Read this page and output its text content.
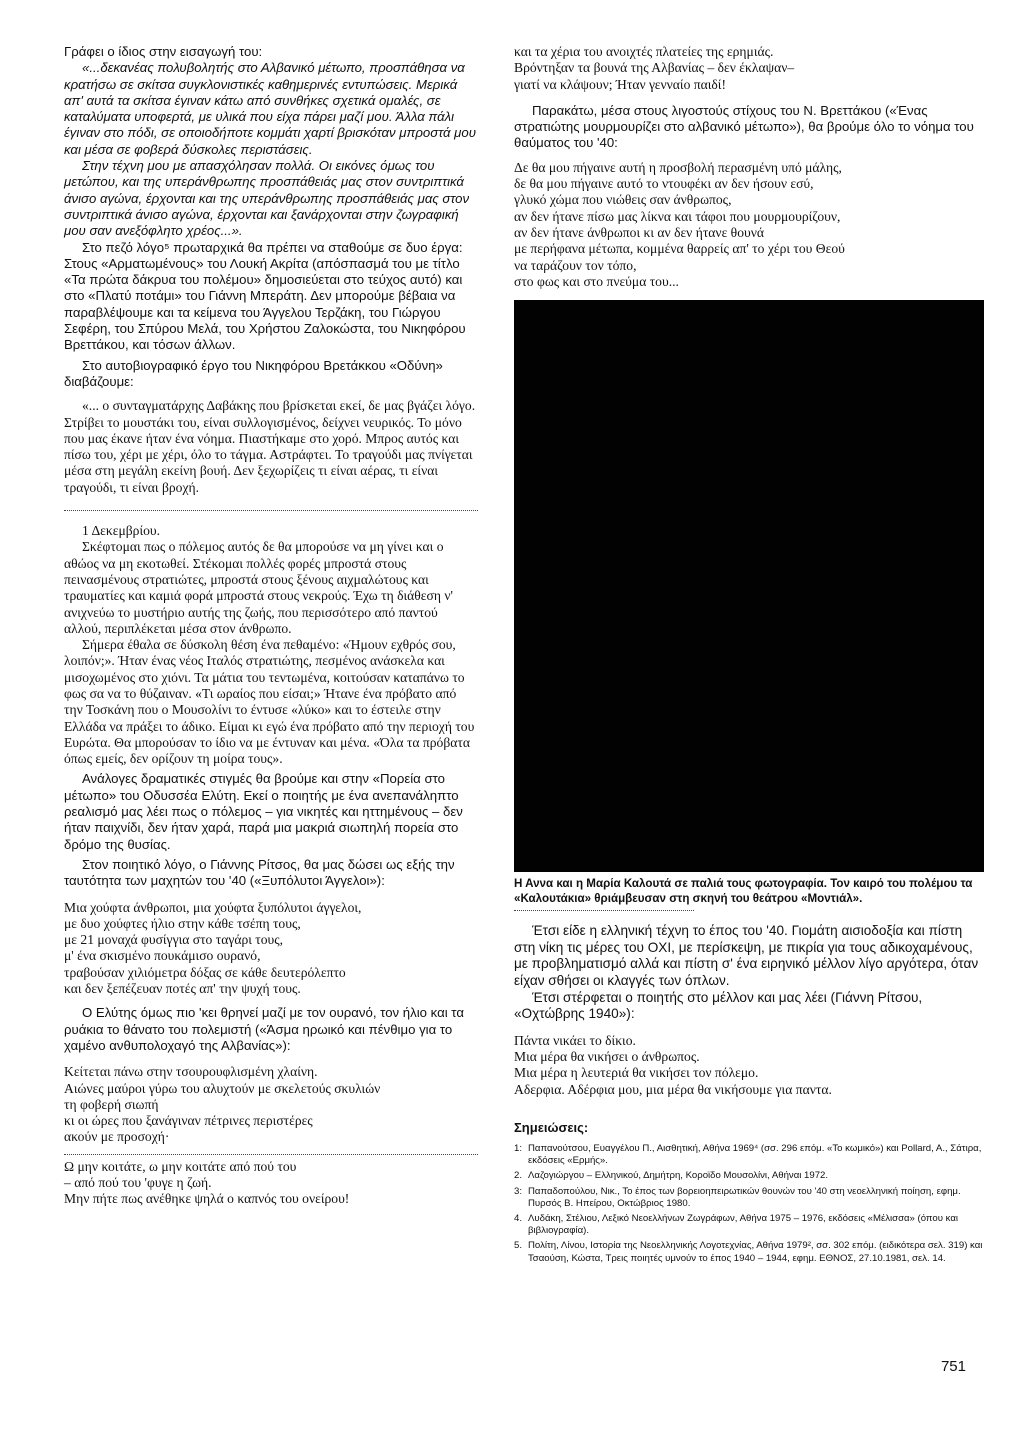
Γράφει ο ίδιος στην εισαγωγή του:

«...δεκανέας πολυβολητής στο Αλβανικό μέτωπο, προσπάθησα να κρατήσω σε σκίτσα συγκλονιστικές καθημερινές εντυπώσεις. Μερικά απ' αυτά τα σκίτσα έγιναν κάτω από συνθήκες σχετικά ομαλές, σε καταλύματα υποφερτά, με υλικά που είχα πάρει μαζί μου. Άλλα πάλι έγιναν στο πόδι, σε οποιοδήποτε κομμάτι χαρτί βρισκόταν μπροστά μου και μέσα σε φοβερά δύσκολες περιστάσεις.

Στην τέχνη μου με απασχόλησαν πολλά. Οι εικόνες όμως του μετώπου, και της υπεράνθρωπης προσπάθειάς μας στον συντριπτικά άνισο αγώνα, έρχονται και της υπεράνθρωπης προσπάθειάς μας στον συντριπτικά άνισο αγώνα, έρχονται και ξανάρχονται στην ζωγραφική μου σαν ανεξόφλητο χρέος...».

Στο πεζό λόγο⁵ πρωταρχικά θα πρέπει να σταθούμε σε δυο έργα: Στους «Αρματωμένους» του Λουκή Ακρίτα (απόσπασμά του με τίτλο «Τα πρώτα δάκρυα του πολέμου» δημοσιεύεται στο τεύχος αυτό) και στο «Πλατύ ποτάμι» του Γιάννη Μπεράτη. Δεν μπορούμε βέβαια να παραβλέψουμε και τα κείμενα του Άγγελου Τερζάκη, του Γιώργου Σεφέρη, του Σπύρου Μελά, του Χρήστου Ζαλοκώστα, του Νικηφόρου Βρεττάκου, και τόσων άλλων.

Στο αυτοβιογραφικό έργο του Νικηφόρου Βρετάκκου «Οδύνη» διαβάζουμε:

«... ο συνταγματάρχης Δαβάκης που βρίσκεται εκεί, δε μας βγάζει λόγο. Στρίβει το μουστάκι του, είναι συλλογισμένος, δείχνει νευρικός. Το μόνο που μας έκανε ήταν ένα νόημα. Πιαστήκαμε στο χορό. Μπρος αυτός και πίσω του, χέρι με χέρι, όλο το τάγμα. Αστράφτει. Το τραγούδι μας πνίγεται μέσα στη μεγάλη εκείνη βουή. Δεν ξεχωρίζεις τι είναι αέρας, τι είναι τραγούδι, τι είναι βροχή.

1 Δεκεμβρίου.

Σκέφτομαι πως ο πόλεμος αυτός δε θα μπορούσε να μη γίνει και ο αθώος να μη εκοτωθεί. Στέκομαι πολλές φορές μπροστά στους πεινασμένους στρατιώτες, μπροστά στους ξένους αιχμαλώτους και τραυματίες και καμιά φορά μπροστά στους νεκρούς. Έχω τη διάθεση ν' ανιχνεύω το μυστήριο αυτής της ζωής, που περισσότερο από παντού αλλού, περιπλέκεται μέσα στον άνθρωπο.

Σήμερα έθαλα σε δύσκολη θέση ένα πεθαμένο: «Ήμουν εχθρός σου, λοιπόν;». Ήταν ένας νέος Ιταλός στρατιώτης, πεσμένος ανάσκελα και μισοχωμένος στο χιόνι. Τα μάτια του τεντωμένα, κοιτούσαν καταπάνω το φως σα να το θύζαιναν. «Τι ωραίος που είσαι;» Ήτανε ένα πρόβατο από την Τοσκάνη που ο Μουσολίνι το έντυσε «λύκο» και το έστειλε στην Ελλάδα να πράξει το άδικο. Είμαι κι εγώ ένα πρόβατο από την περιοχή του Ευρώτα. Θα μπορούσαν το ίδιο να με έντυναν και μένα. «Όλα τα πρόβατα όπως εμείς, δεν ορίζουν τη μοίρα τους».

Ανάλογες δραματικές στιγμές θα βρούμε και στην «Πορεία στο μέτωπο» του Οδυσσέα Ελύτη. Εκεί ο ποιητής με ένα ανεπανάληπτο ρεαλισμό μας λέει πως ο πόλεμος – για νικητές και ηττημένους – δεν ήταν παιχνίδι, δεν ήταν χαρά, παρά μια μακριά σιωπηλή πορεία στο δρόμο της θυσίας.

Στον ποιητικό λόγο, ο Γιάννης Ρίτσος, θα μας δώσει ως εξής την ταυτότητα των μαχητών του '40 («Ξυπόλυτοι Άγγελοι»):

Μια χούφτα άνθρωποι, μια χούφτα ξυπόλυτοι άγγελοι,

με δυο χούφτες ήλιο στην κάθε τσέπη τους,

με 21 μοναχά φυσίγγια στο ταγάρι τους,

μ' ένα σκισμένο πουκάμισο ουρανό,

τραβούσαν χιλιόμετρα δόξας σε κάθε δευτερόλεπτο

και δεν ξεπέζευαν ποτές απ' την ψυχή τους.

Ο Ελύτης όμως πιο 'κει θρηνεί μαζί με τον ουρανό, τον ήλιο και τα ρυάκια το θάνατο του πολεμιστή («Άσμα ηρωικό και πένθιμο για το χαμένο ανθυπολοχαγό της Αλβανίας»):

Κείτεται πάνω στην τσουρουφλισμένη χλαίνη.

Αιώνες μαύροι γύρω του αλυχτούν με σκελετούς σκυλιών

τη φοβερή σιωπή

κι οι ώρες που ξανάγιναν πέτρινες περιστέρες

ακούν με προσοχή·

Ω μην κοιτάτε, ω μην κοιτάτε από πού του

– από πού του 'φυγε η ζωή.

Μην πήτε πως ανέθηκε ψηλά ο καπνός του ονείρου!

και τα χέρια του ανοιχτές πλατείες της ερημιάς.

Βρόντηξαν τα βουνά της Αλβανίας – δεν έκλαψαν–

γιατί να κλάψουν; Ήταν γενναίο παιδί!

Παρακάτω, μέσα στους λιγοστούς στίχους του Ν. Βρεττάκου («Ένας στρατιώτης μουρμουρίζει στο αλβανικό μέτωπο»), θα βρούμε όλο το νόημα του θαύματος του '40:

Δε θα μου πήγαινε αυτή η προσβολή περασμένη υπό μάλης,

δε θα μου πήγαινε αυτό το ντουφέκι αν δεν ήσουν εσύ,

γλυκό χώμα που νιώθεις σαν άνθρωπος,

αν δεν ήτανε πίσω μας λίκνα και τάφοι που μουρμουρίζουν,

αν δεν ήτανε άνθρωποι κι αν δεν ήτανε θουνά

με περήφανα μέτωπα, κομμένα θαρρείς απ' το χέρι του Θεού

να ταράζουν τον τόπο,

στο φως και στο πνεύμα του...

Η Αννα και η Μαρία Καλουτά σε παλιά τους φωτογραφία. Τον καιρό του πολέμου τα «Καλουτάκια» θριάμβευσαν στη σκηνή του θεάτρου «Μοντιάλ».

Έτσι είδε η ελληνική τέχνη το έπος του '40. Γιομάτη αισιοδοξία και πίστη στη νίκη τις μέρες του ΟΧΙ, με περίσκεψη, με πικρία για τους αδικοχαμένους, με προβληματισμό αλλά και πίστη σ' ένα ειρηνικό μέλλον λίγο αργότερα, όταν είχαν σθήσει οι κλαγγές των όπλων.

Έτσι στέρφεται ο ποιητής στο μέλλον και μας λέει (Γιάννη Ρίτσου, «Οχτώβρης 1940»):

Πάντα νικάει το δίκιο.

Μια μέρα θα νικήσει ο άνθρωπος.

Μια μέρα η λευτεριά θα νικήσει τον πόλεμο.

Αδερφια. Αδέρφια μου, μια μέρα θα νικήσουμε για παντα.

Σημειώσεις:

1: Παπανούτσου, Ευαγγέλου Π., Αισθητική, Αθήνα 1969⁴ (σσ. 296 επόμ. «Το κωμικό») και Pollard, A., Σάτιρα, εκδόσεις «Ερμής».
2. Λαζογιώργου – Ελληνικού, Δημήτρη, Κοροϊδο Μουσολίνι, Αθήναι 1972.
3: Παπαδοπούλου, Νικ., Το έπος των βορειοηπειρωτικών θουνών του '40 στη νεοελληνική ποίηση, εφημ. Πυρσός Β. Ηπείρου, Οκτώβριος 1980.
4. Λυδάκη, Στέλιου, Λεξικό Νεοελλήνων Ζωγράφων, Αθήνα 1975 – 1976, εκδόσεις «Μέλισσα» (όπου και βιβλιογραφία).
5. Πολίτη, Λίνου, Ιστορία της Νεοελληνικής Λογοτεχνίας, Αθήνα 1979², σσ. 302 επόμ. (ειδικότερα σελ. 319) και Τσαούση, Κώστα, Τρεις ποιητές υμνούν το έπος 1940 – 1944, εφημ. ΕΘΝΟΣ, 27.10.1981, σελ. 14.
751
